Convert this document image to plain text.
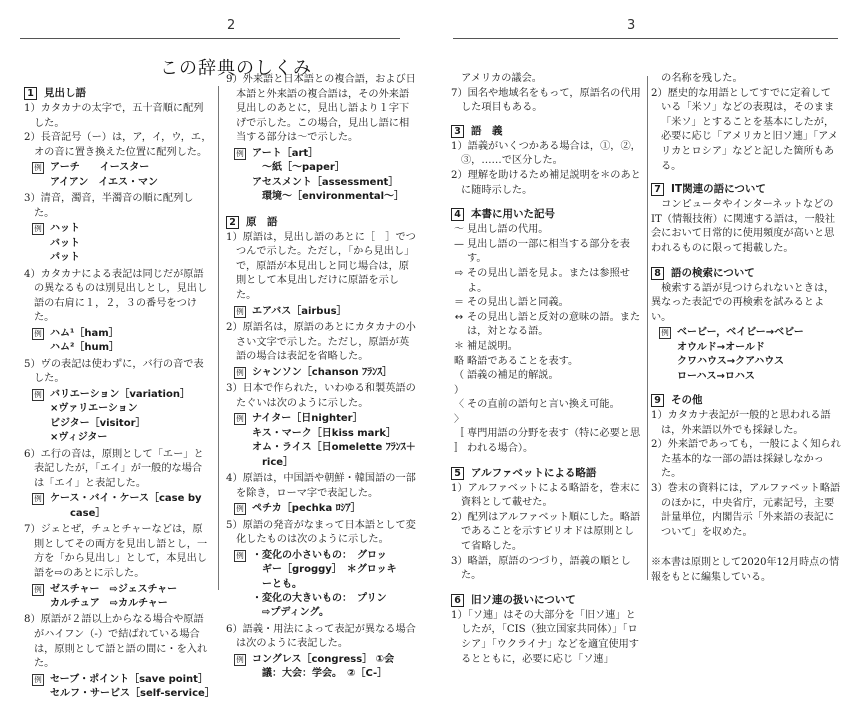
2
この辞典のしくみ
1 見出し語
1）カタカナの太字で，五十音順に配列した。
2）長音記号（ー）は，ア，イ，ウ，エ，オの音に置き換えた位置に配列した。
例 アーチ　　イースター
アイアン　イエス・マン
3）清音，濁音，半濁音の順に配列した。
例 ハット
バット
パット
4）カタカナによる表記は同じだが原語の異なるものは別見出しとし，見出し語の右肩に１，２，３の番号をつけた。
例 ハム¹［ham］
ハム²［hum］
5）ヴの表記は使わずに，バ行の音で表した。
例 バリエーション［variation］
×ヴァリエーション
ビジター［visitor］
×ヴィジター
6）エ行の音は，原則として「エー」と表記したが，「エイ」が一般的な場合は「エイ」と表記した。
例 ケース・バイ・ケース［case by
　　case］
7）ジェとぜ，チュとチャーなどは，原則としてその両方を見出し語とし，一方を「から見出し」として，本見出し語を⇨のあとに示した。
例 ゼスチャー　⇨ジェスチャー
カルチュア　⇨カルチャー
8）原語が２語以上からなる場合や原語がハイフン（-）で結ばれている場合は，原則として語と語の間に・を入れた。
例 セーブ・ポイント［save point］
セルフ・サービス［self-service］
9）外来語と日本語との複合語，および日本語と外来語の複合語は，その外来語見出しのあとに，見出し語より１字下げで示した。この場合，見出し語に相当する部分は〜で示した。
例 アート［art］
　〜紙［〜paper］
アセスメント［assessment］
　環境〜［environmental〜］
2 原　語
1）原語は，見出し語のあとに［　］でつつんで示した。ただし，「から見出し」で，原語が本見出しと同じ場合は，原則として本見出しだけに原語を示した。
例 エアバス［airbus］
2）原語名は，原語のあとにカタカナの小さい文字で示した。ただし，原語が英語の場合は表記を省略した。
例 シャンソン［chanson ﾌﾗﾝｽ］
3）日本で作られた，いわゆる和製英語のたぐいは次のように示した。
例 ナイター［日nighter］
キス・マーク［日kiss mark］
オム・ライス［日omelette ﾌﾗﾝｽ＋
　rice］
4）原語は，中国語や朝鮮・韓国語の一部を除き，ローマ字で表記した。
例 ペチカ［pechka ﾛｼｱ］
5）原語の発音がなまって日本語として変化したものは次のように示した。
例 ・変化の小さいもの：　グロッ
　ギー［groggy］　＊グロッキ
　ーとも。
・変化の大きいもの：　プリン
　⇨プディング。
6）語義・用法によって表記が異なる場合は次のように表記した。
例 コングレス［congress］ ①会
　議：大会：学会。　②［C-］
3
　アメリカの議会。
7）国名や地域名をもって，原語名の代用した項目もある。
3 語　義
1）語義がいくつかある場合は，①，②，③，……で区分した。
2）理解を助けるため補足説明を＊のあとに随時示した。
4 本書に用いた記号
〜 見出し語の代用。
— 見出し語の一部に相当する部分を表す。
⇨ その見出し語を見よ。または参照せよ。
＝ その見出し語と同義。
↔ その見出し語と反対の意味の語。または，対となる語。
＊ 補足説明。
略 略語であることを表す。
（ ）
語義の補足的解説。
〈 〉
その直前の語句と言い換え可能。
〚 〛
専門用語の分野を表す（特に必要と思われる場合）。
5 アルファベットによる略語
1）アルファベットによる略語を，巻末に資料として載せた。
2）配列はアルファベット順にした。略語であることを示すピリオドは原則として省略した。
3）略語，原語のつづり，語義の順とした。
6 旧ソ連の扱いについて
1）「ソ連」はその大部分を「旧ソ連」としたが，「CIS（独立国家共同体）」「ロシア」「ウクライナ」などを適宜使用するとともに，必要に応じ「ソ連」
　の名称を残した。
2）歴史的な用語としてすでに定着している「米ソ」などの表現は，そのまま「米ソ」とすることを基本にしたが，必要に応じ「アメリカと旧ソ連」「アメリカとロシア」などと記した箇所もある。
7 IT関連の語について
　コンピュータやインターネットなどのIT（情報技術）に関連する語は，一般社会において日常的に使用頻度が高いと思われるものに限って掲載した。
8 語の検索について
　検索する語が見つけられないときは，異なった表記での再検索を試みるとよい。
例 ベービー，ベイビー→ベビー
オウルド→オールド
クワハウス→クアハウス
ローハス→ロハス
9 その他
1）カタカナ表記が一般的と思われる語は，外来語以外でも採録した。
2）外来語であっても，一般によく知られた基本的な一部の語は採録しなかった。
3）巻末の資料には，アルファベット略語のほかに，中央省庁，元素記号，主要計量単位，内閣告示「外来語の表記について」を収めた。
※本書は原則として2020年12月時点の情報をもとに編集している。
